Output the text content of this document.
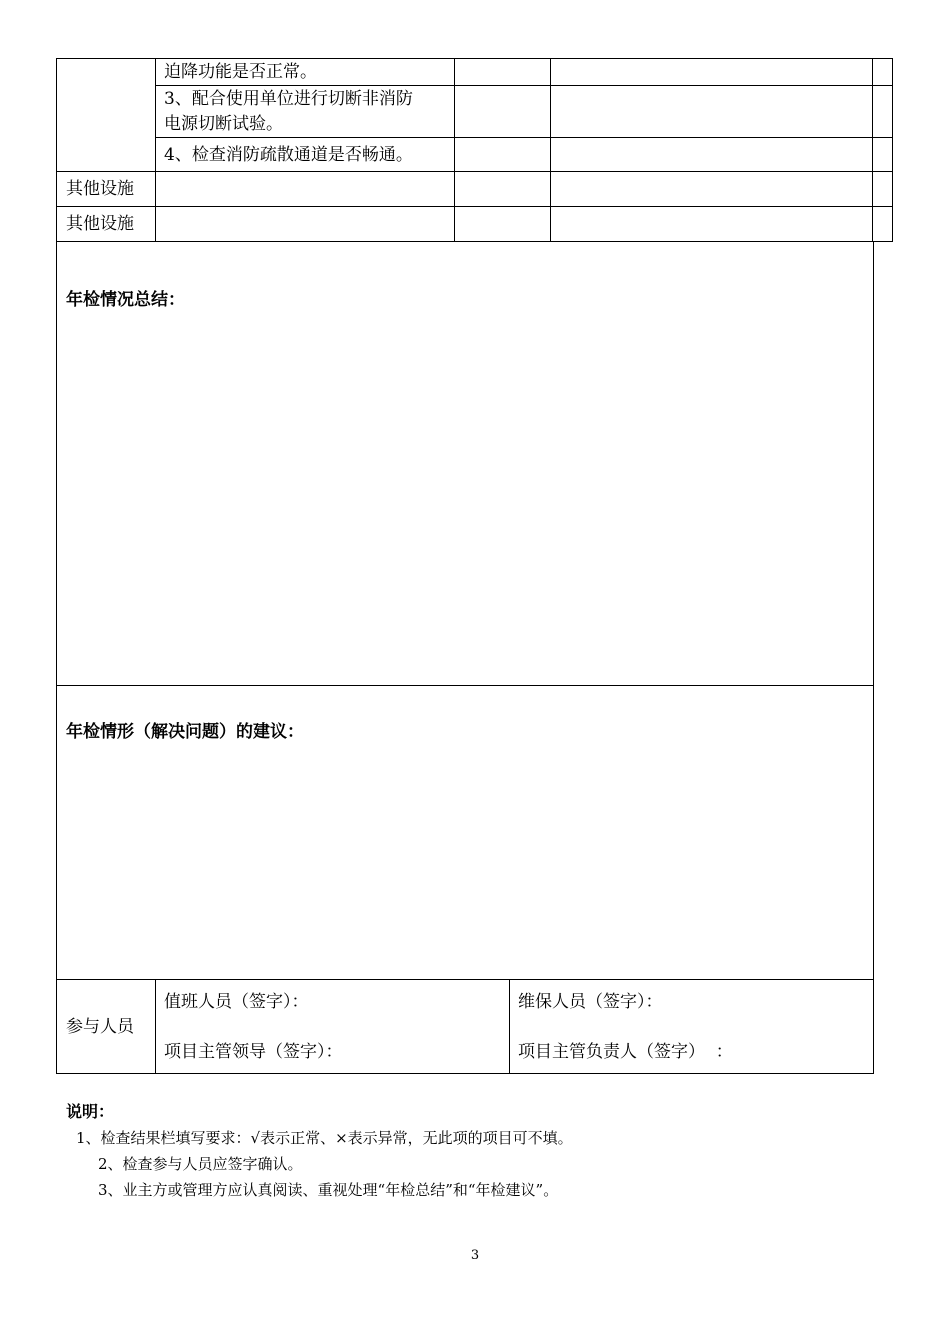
迫降功能是否正常。
3、配合使用单位进行切断非消防
电源切断试验。
4、检查消防疏散通道是否畅通。
其他设施
其他设施
年检情况总结：
年检情形（解决问题）的建议：
参与人员
值班人员（签字）：
项目主管领导（签字）：
维保人员（签字）：
项目主管负责人（签字）  ：
说明：
1、检查结果栏填写要求：√表示正常、×表示异常，无此项的项目可不填。
2、检查参与人员应签字确认。
3、业主方或管理方应认真阅读、重视处理“年检总结”和“年检建议”。
3
